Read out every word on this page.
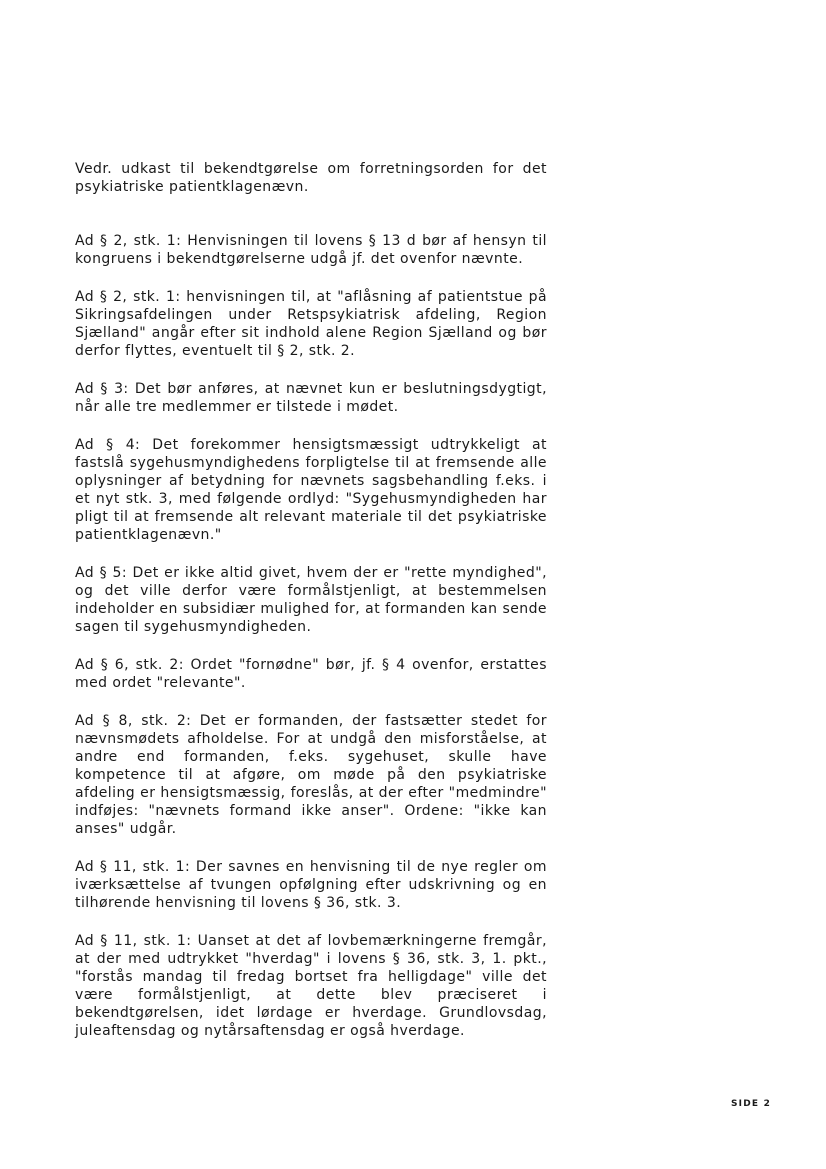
Vedr. udkast til bekendtgørelse om forretningsorden for det psykiatriske patientklagenævn.

Ad § 2, stk. 1: Henvisningen til lovens § 13 d bør af hensyn til kongruens i bekendtgørelserne udgå jf. det ovenfor nævnte.

Ad § 2, stk. 1: henvisningen til, at "aflåsning af patientstue på Sikringsafdelingen under Retspsykiatrisk afdeling, Region Sjælland" angår efter sit indhold alene Region Sjælland og bør derfor flyttes, eventuelt til § 2, stk. 2.

Ad § 3: Det bør anføres, at nævnet kun er beslutningsdygtigt, når alle tre medlemmer er tilstede i mødet.

Ad § 4: Det forekommer hensigtsmæssigt udtrykkeligt at fastslå sygehusmyndighedens forpligtelse til at fremsende alle oplysninger af betydning for nævnets sagsbehandling f.eks. i et nyt stk. 3, med følgende ordlyd: "Sygehusmyndigheden har pligt til at fremsende alt relevant materiale til det psykiatriske patientklagenævn."

Ad § 5: Det er ikke altid givet, hvem der er "rette myndighed", og det ville derfor være formålstjenligt, at bestemmelsen indeholder en subsidiær mulighed for, at formanden kan sende sagen til sygehusmyndigheden.

Ad § 6, stk. 2: Ordet "fornødne" bør, jf. § 4 ovenfor, erstattes med ordet "relevante".

Ad § 8, stk. 2: Det er formanden, der fastsætter stedet for nævnsmødets afholdelse. For at undgå den misforståelse, at andre end formanden, f.eks. sygehuset, skulle have kompetence til at afgøre, om møde på den psykiatriske afdeling er hensigtsmæssig, foreslås, at der efter "medmindre" indføjes: "nævnets formand ikke anser". Ordene: "ikke kan anses" udgår.

Ad § 11, stk. 1: Der savnes en henvisning til de nye regler om iværksættelse af tvungen opfølgning efter udskrivning og en tilhørende henvisning til lovens § 36, stk. 3.

Ad § 11, stk. 1: Uanset at det af lovbemærkningerne fremgår, at der med udtrykket "hverdag" i lovens § 36, stk. 3, 1. pkt., "forstås mandag til fredag bortset fra helligdage" ville det være formålstjenligt, at dette blev præciseret i bekendtgørelsen, idet lørdage er hverdage. Grundlovsdag, juleaftensdag og nytårsaftensdag er også hverdage.

SIDE 2
